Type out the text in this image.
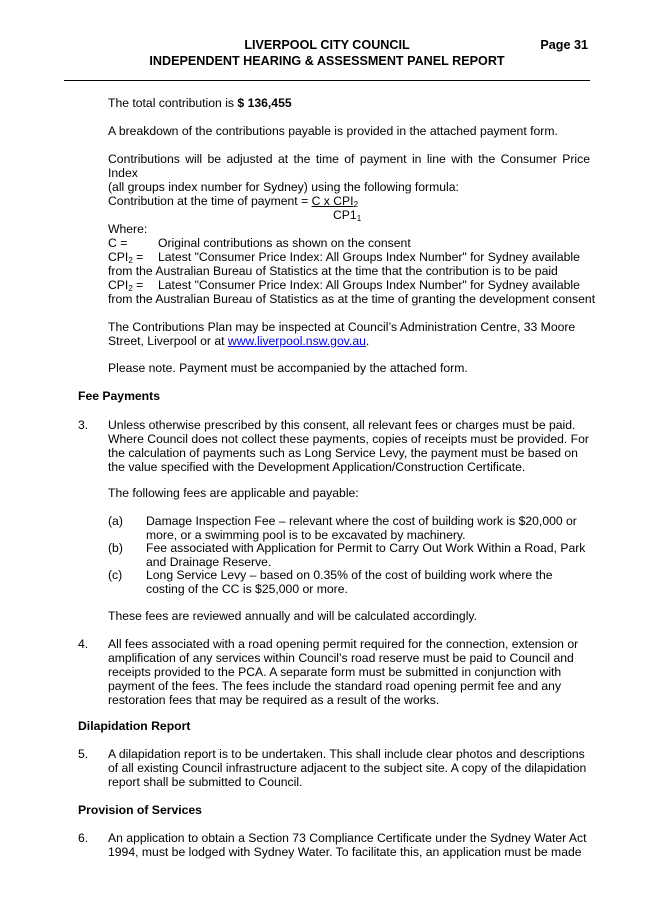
LIVERPOOL CITY COUNCIL
INDEPENDENT HEARING & ASSESSMENT PANEL REPORT
Page 31
The total contribution is $ 136,455
A breakdown of the contributions payable is provided in the attached payment form.
Contributions will be adjusted at the time of payment in line with the Consumer Price Index
(all groups index number for Sydney) using the following formula:
Contribution at the time of payment = C x $CPI_2$
$CP1_1$
Where:
C =	Original contributions as shown on the consent
$CPI_2$ = Latest "Consumer Price Index: All Groups Index Number" for Sydney available
from the Australian Bureau of Statistics at the time that the contribution is to be paid
$CPI_2$ = Latest "Consumer Price Index: All Groups Index Number" for Sydney available
from the Australian Bureau of Statistics as at the time of granting the development consent
The Contributions Plan may be inspected at Council’s Administration Centre, 33 Moore
Street, Liverpool or at www.liverpool.nsw.gov.au.
Please note. Payment must be accompanied by the attached form.
Fee Payments
3. Unless otherwise prescribed by this consent, all relevant fees or charges must be paid.
Where Council does not collect these payments, copies of receipts must be provided. For
the calculation of payments such as Long Service Levy, the payment must be based on
the value specified with the Development Application/Construction Certificate.
The following fees are applicable and payable:
(a) Damage Inspection Fee – relevant where the cost of building work is $20,000 or
more, or a swimming pool is to be excavated by machinery.
(b) Fee associated with Application for Permit to Carry Out Work Within a Road, Park
and Drainage Reserve.
(c) Long Service Levy – based on 0.35% of the cost of building work where the
costing of the CC is $25,000 or more.
These fees are reviewed annually and will be calculated accordingly.
4. All fees associated with a road opening permit required for the connection, extension or
amplification of any services within Council’s road reserve must be paid to Council and
receipts provided to the PCA. A separate form must be submitted in conjunction with
payment of the fees. The fees include the standard road opening permit fee and any
restoration fees that may be required as a result of the works.
Dilapidation Report
5. A dilapidation report is to be undertaken. This shall include clear photos and descriptions
of all existing Council infrastructure adjacent to the subject site. A copy of the dilapidation
report shall be submitted to Council.
Provision of Services
6. An application to obtain a Section 73 Compliance Certificate under the Sydney Water Act
1994, must be lodged with Sydney Water. To facilitate this, an application must be made
